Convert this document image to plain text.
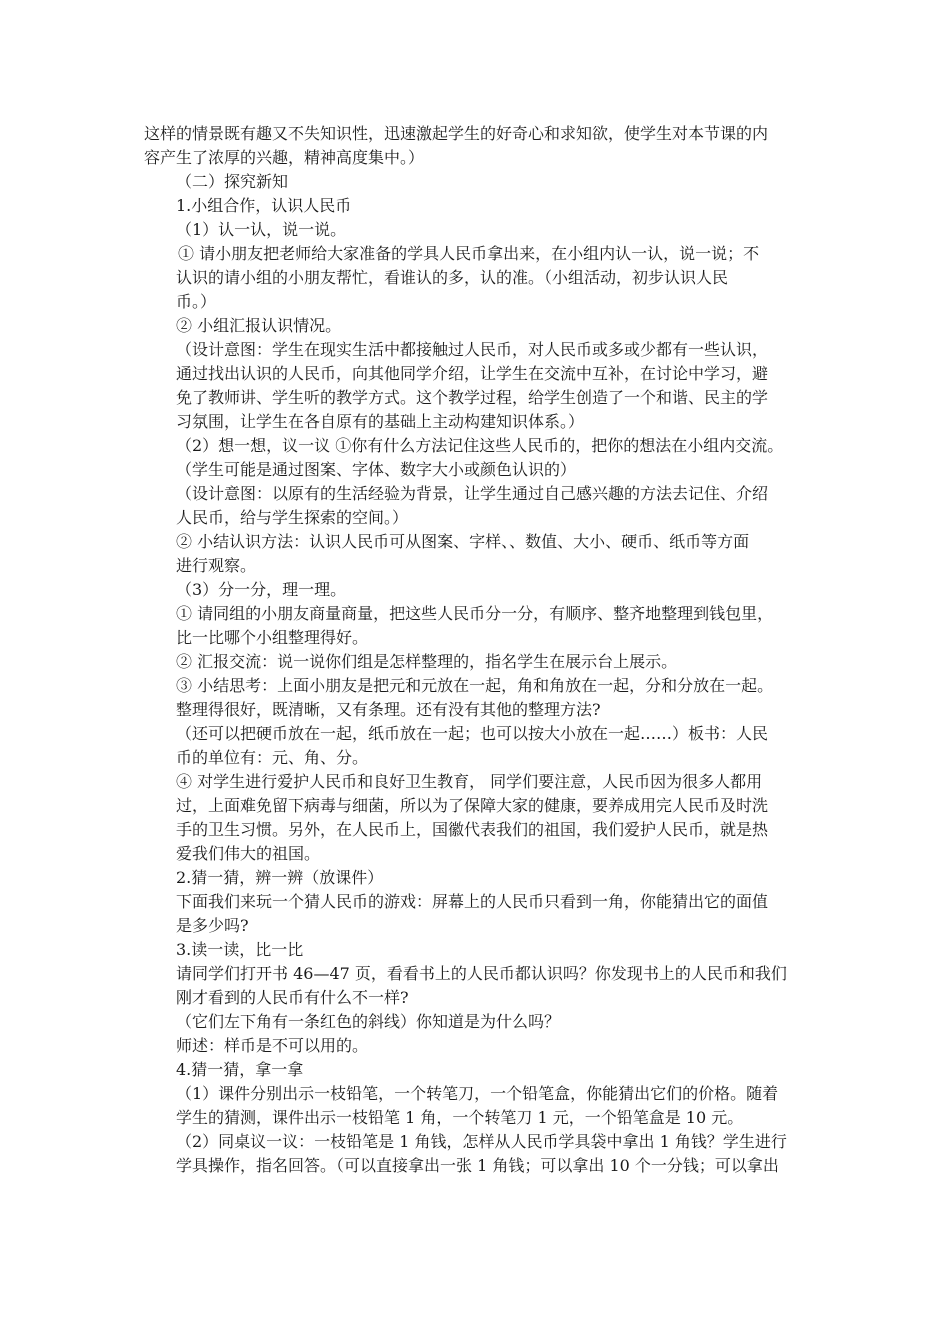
这样的情景既有趣又不失知识性，迅速激起学生的好奇心和求知欲，使学生对本节课的内
容产生了浓厚的兴趣，精神高度集中。）
（二）探究新知
1.小组合作，认识人民币
（1）认一认，说一说。
① 请小朋友把老师给大家准备的学具人民币拿出来，在小组内认一认，说一说；不
认识的请小组的小朋友帮忙，看谁认的多，认的准。（小组活动，初步认识人民
币。）
② 小组汇报认识情况。
（设计意图：学生在现实生活中都接触过人民币，对人民币或多或少都有一些认识，
通过找出认识的人民币，向其他同学介绍，让学生在交流中互补，在讨论中学习，避
免了教师讲、学生听的教学方式。这个教学过程，给学生创造了一个和谐、民主的学
习氛围，让学生在各自原有的基础上主动构建知识体系。）
（2）想一想，议一议 ①你有什么方法记住这些人民币的，把你的想法在小组内交流。
（学生可能是通过图案、字体、数字大小或颜色认识的）
（设计意图：以原有的生活经验为背景，让学生通过自己感兴趣的方法去记住、介绍
人民币，给与学生探索的空间。）
② 小结认识方法：认识人民币可从图案、字样、、数值、大小、硬币、纸币等方面
进行观察。
（3）分一分，理一理。
① 请同组的小朋友商量商量，把这些人民币分一分，有顺序、整齐地整理到钱包里，
比一比哪个小组整理得好。
② 汇报交流：说一说你们组是怎样整理的，指名学生在展示台上展示。
③ 小结思考：上面小朋友是把元和元放在一起，角和角放在一起，分和分放在一起。
整理得很好，既清晰，又有条理。还有没有其他的整理方法?
（还可以把硬币放在一起，纸币放在一起；也可以按大小放在一起……）板书：人民
币的单位有：元、角、分。
④ 对学生进行爱护人民币和良好卫生教育， 同学们要注意，人民币因为很多人都用
过，上面难免留下病毒与细菌，所以为了保障大家的健康，要养成用完人民币及时洗
手的卫生习惯。另外，在人民币上，国徽代表我们的祖国，我们爱护人民币，就是热
爱我们伟大的祖国。
2.猜一猜，辨一辨（放课件）
下面我们来玩一个猜人民币的游戏：屏幕上的人民币只看到一角，你能猜出它的面值
是多少吗?
3.读一读，比一比
请同学们打开书 46—47 页，看看书上的人民币都认识吗？你发现书上的人民币和我们
刚才看到的人民币有什么不一样?
（它们左下角有一条红色的斜线）你知道是为什么吗？
师述：样币是不可以用的。
4.猜一猜，拿一拿
（1）课件分别出示一枝铅笔，一个转笔刀，一个铅笔盒，你能猜出它们的价格。随着
学生的猜测，课件出示一枝铅笔 1 角，一个转笔刀 1 元，一个铅笔盒是 10 元。
（2）同桌议一议：一枝铅笔是 1 角钱，怎样从人民币学具袋中拿出 1 角钱？学生进行
学具操作，指名回答。（可以直接拿出一张 1 角钱；可以拿出 10 个一分钱；可以拿出
